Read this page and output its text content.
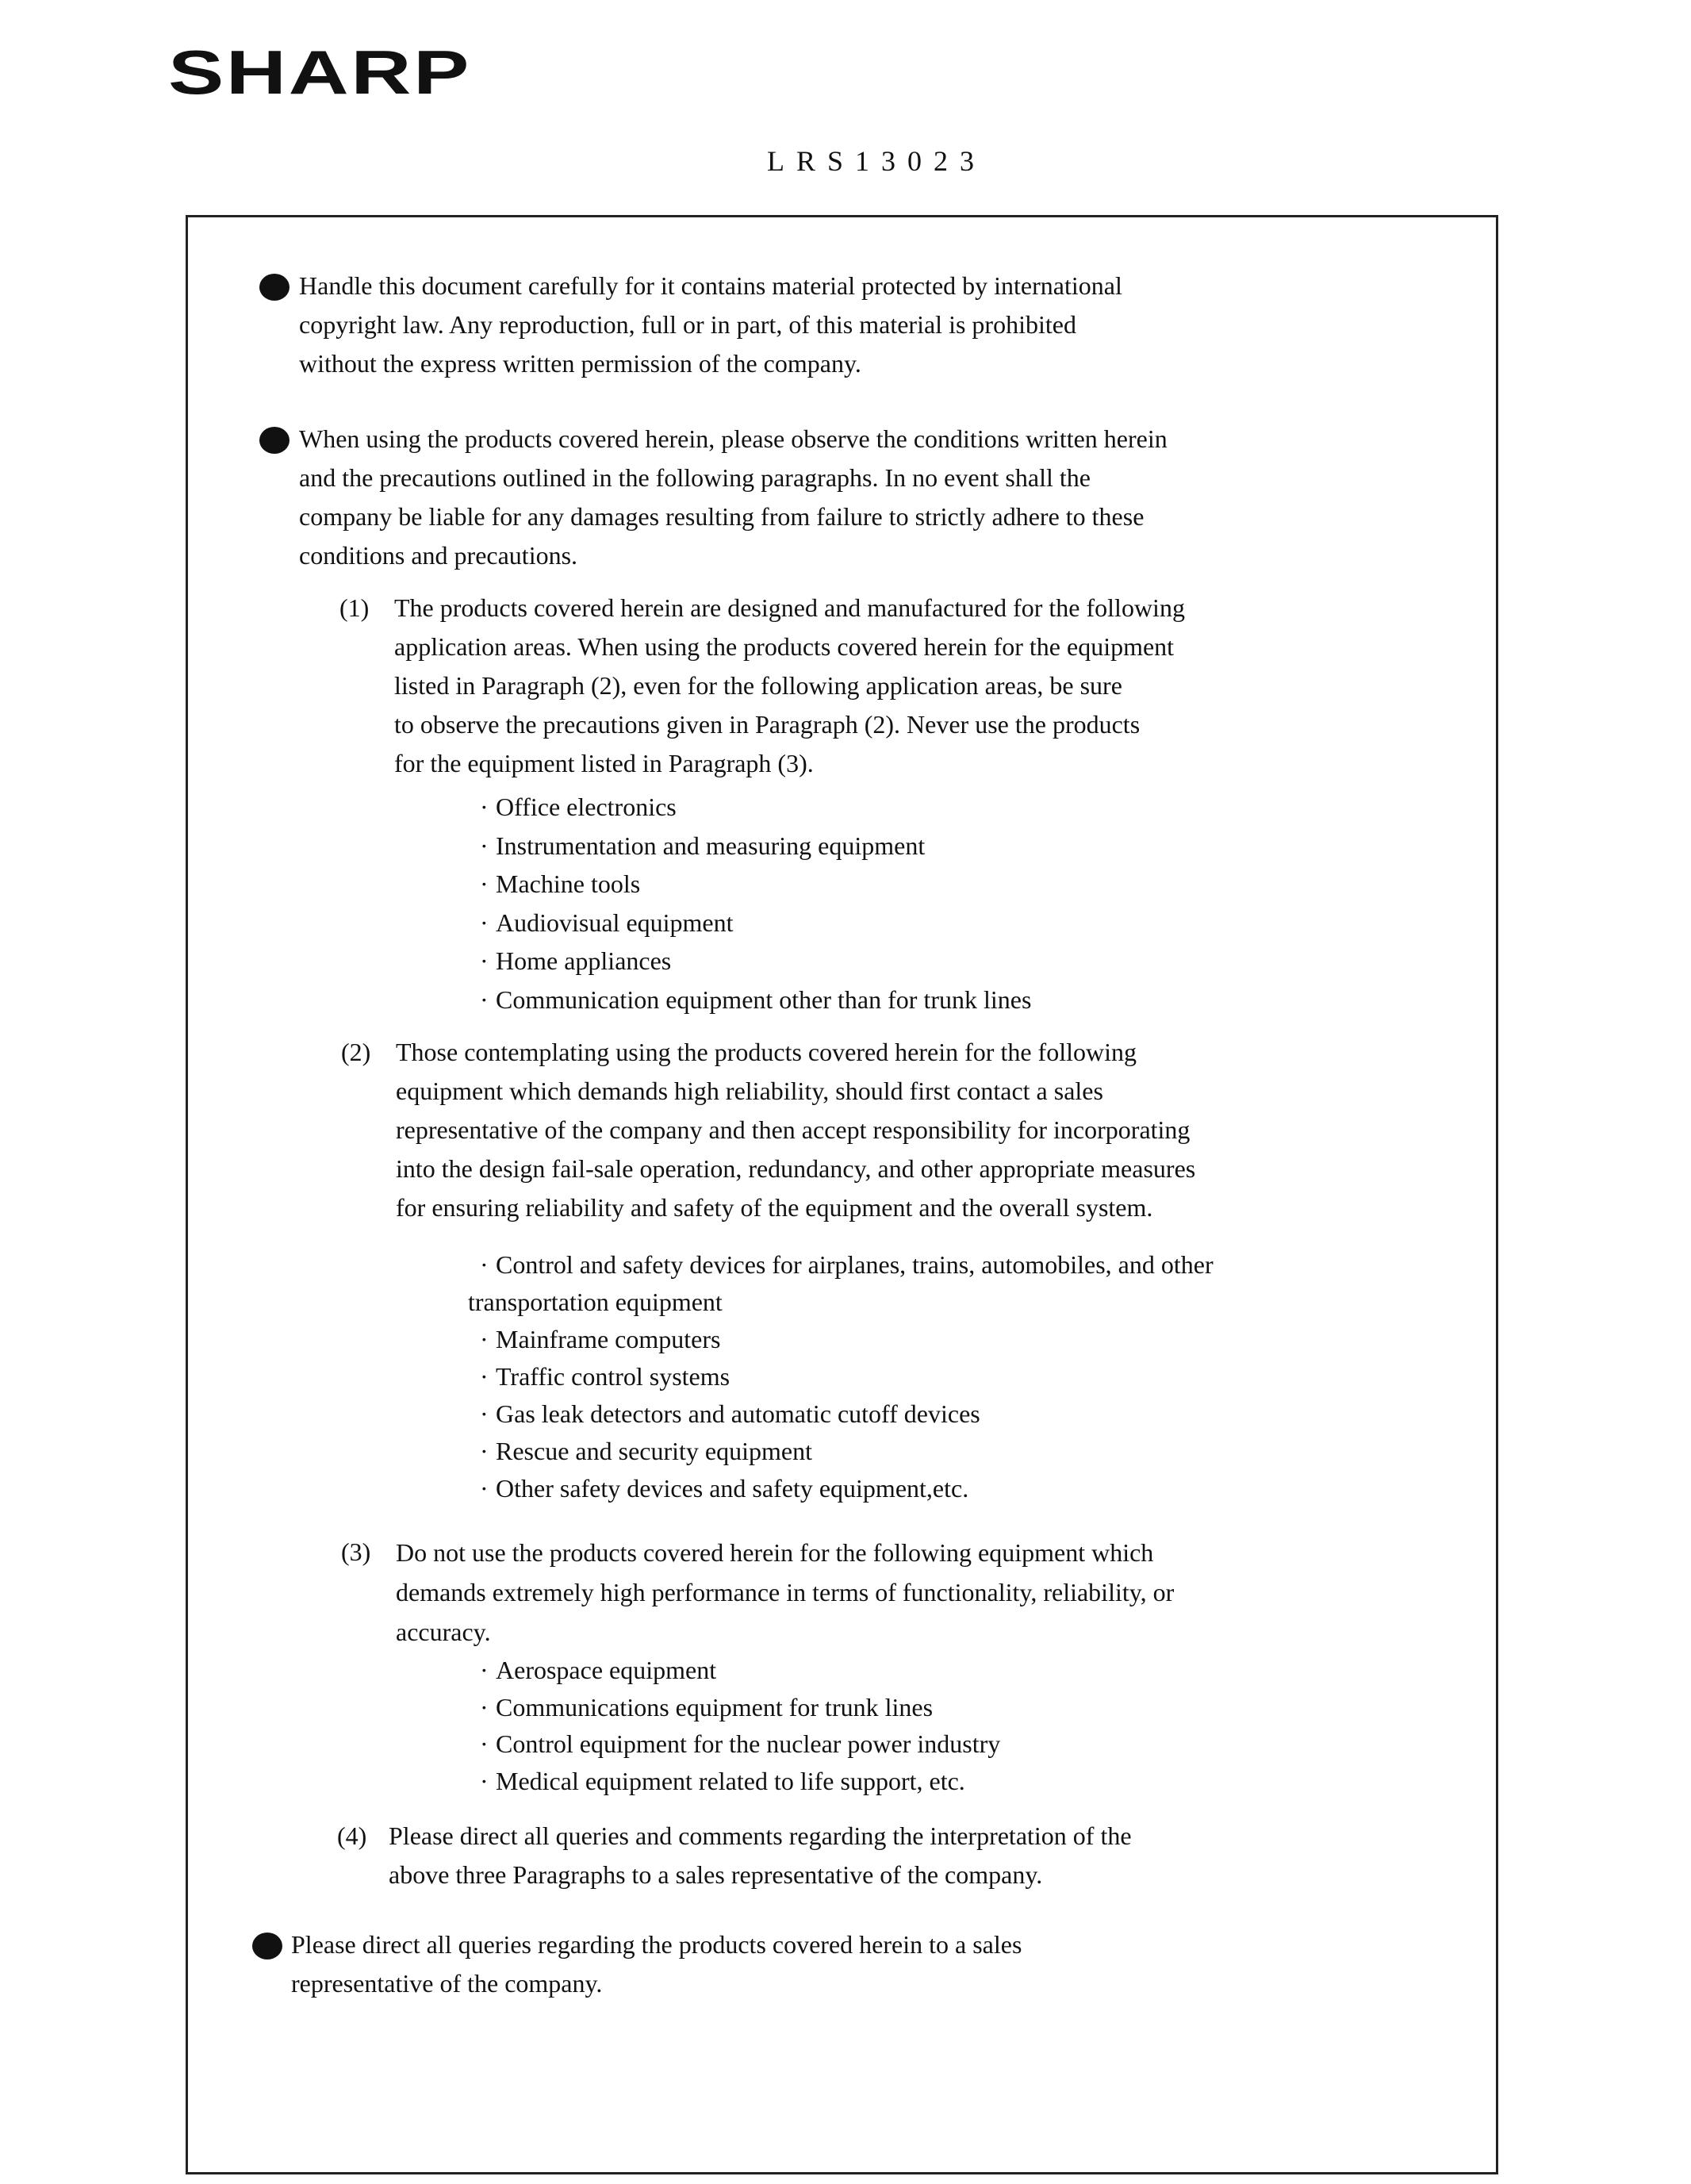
SHARP
LRS13023
Handle this document carefully for it contains material protected by international
copyright law. Any reproduction, full or in part, of this material is prohibited
without the express written permission of the company.
When using the products covered herein, please observe the conditions written herein
and the precautions outlined in the following paragraphs. In no event shall the
company be liable for any damages resulting from failure to strictly adhere to these
conditions and precautions.
(1) The products covered herein are designed and manufactured for the following
application areas. When using the products covered herein for the equipment
listed in Paragraph (2), even for the following application areas, be sure
to observe the precautions given in Paragraph (2). Never use the products
for the equipment listed in Paragraph (3).
· Office electronics
· Instrumentation and measuring equipment
· Machine tools
· Audiovisual equipment
· Home appliances
· Communication equipment other than for trunk lines
(2) Those contemplating using the products covered herein for the following
equipment which demands high reliability, should first contact a sales
representative of the company and then accept responsibility for incorporating
into the design fail-sale operation, redundancy, and other appropriate measures
for ensuring reliability and safety of the equipment and the overall system.
· Control and safety devices for airplanes, trains, automobiles, and other
transportation equipment
· Mainframe computers
· Traffic control systems
· Gas leak detectors and automatic cutoff devices
· Rescue and security equipment
· Other safety devices and safety equipment,etc.
(3) Do not use the products covered herein for the following equipment which
demands extremely high performance in terms of functionality, reliability, or
accuracy.
· Aerospace equipment
· Communications equipment for trunk lines
· Control equipment for the nuclear power industry
· Medical equipment related to life support, etc.
(4) Please direct all queries and comments regarding the interpretation of the
above three Paragraphs to a sales representative of the company.
Please direct all queries regarding the products covered herein to a sales
representative of the company.
